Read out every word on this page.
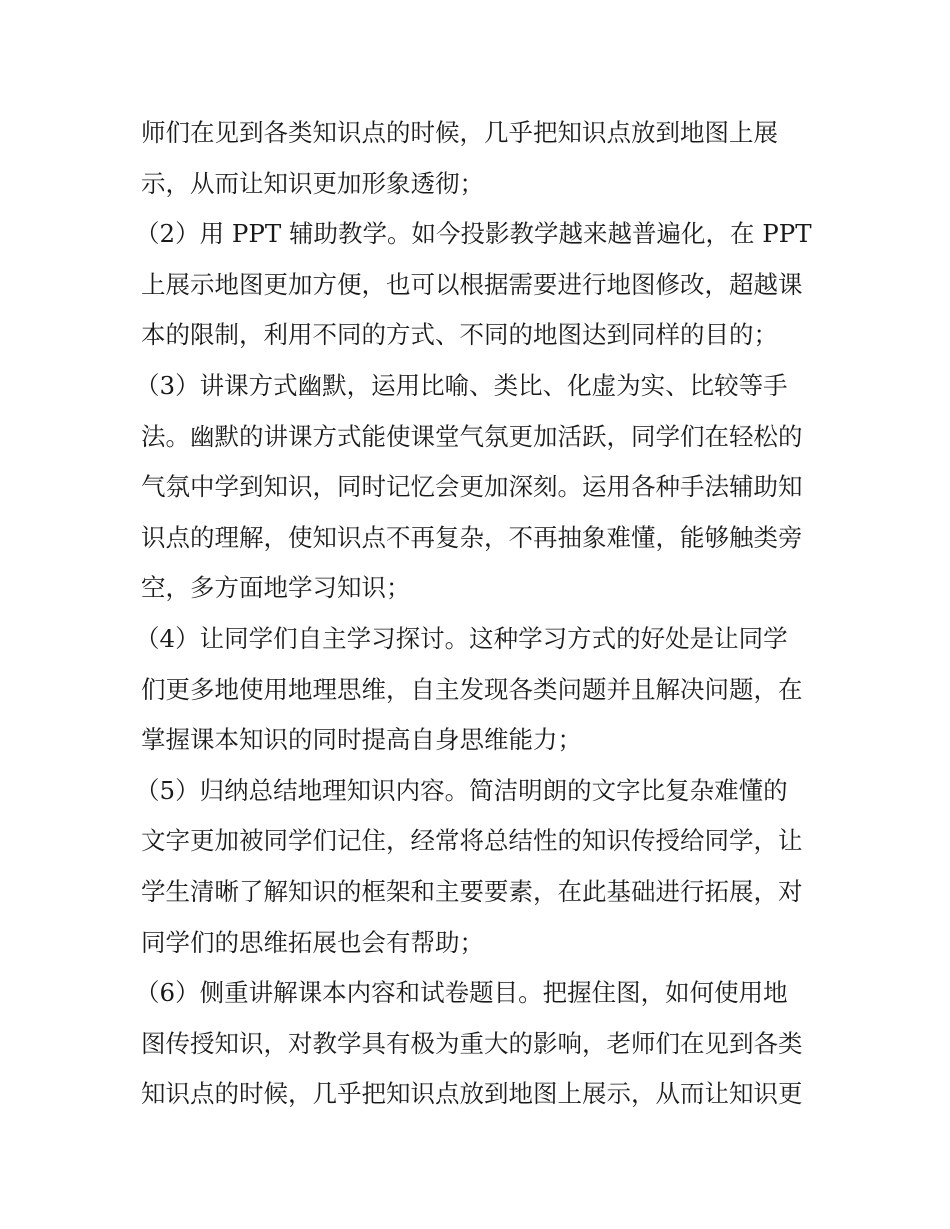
师们在见到各类知识点的时候，几乎把知识点放到地图上展
示，从而让知识更加形象透彻；
（2）用 PPT 辅助教学。如今投影教学越来越普遍化，在 PPT
上展示地图更加方便，也可以根据需要进行地图修改，超越课
本的限制，利用不同的方式、不同的地图达到同样的目的；
（3）讲课方式幽默，运用比喻、类比、化虚为实、比较等手
法。幽默的讲课方式能使课堂气氛更加活跃，同学们在轻松的
气氛中学到知识，同时记忆会更加深刻。运用各种手法辅助知
识点的理解，使知识点不再复杂，不再抽象难懂，能够触类旁
空，多方面地学习知识；
（4）让同学们自主学习探讨。这种学习方式的好处是让同学
们更多地使用地理思维，自主发现各类问题并且解决问题，在
掌握课本知识的同时提高自身思维能力；
（5）归纳总结地理知识内容。简洁明朗的文字比复杂难懂的
文字更加被同学们记住，经常将总结性的知识传授给同学，让
学生清晰了解知识的框架和主要要素，在此基础进行拓展，对
同学们的思维拓展也会有帮助；
（6）侧重讲解课本内容和试卷题目。把握住图，如何使用地
图传授知识，对教学具有极为重大的影响，老师们在见到各类
知识点的时候，几乎把知识点放到地图上展示，从而让知识更
